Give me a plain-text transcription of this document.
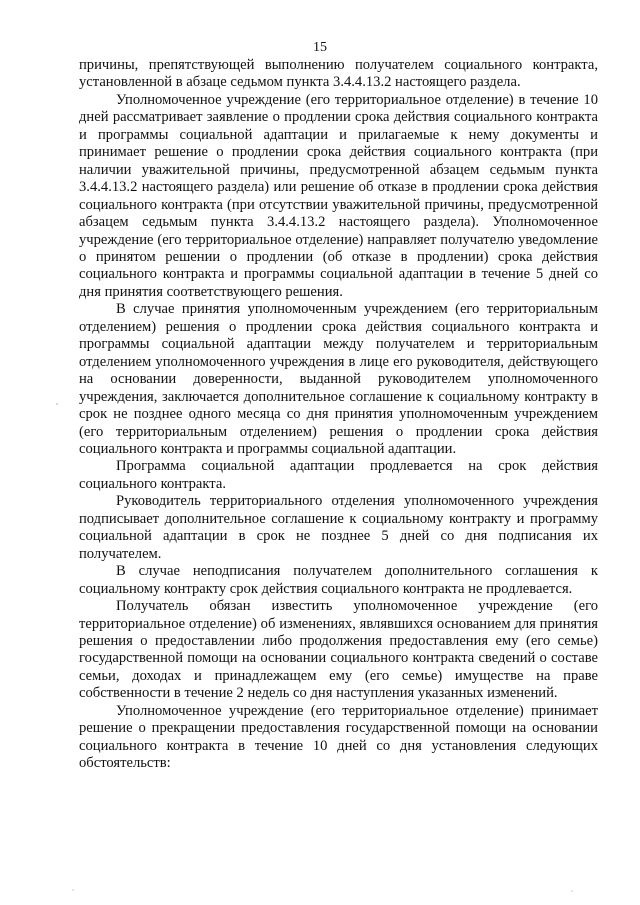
15

причины, препятствующей выполнению получателем социального контракта, установленной в абзаце седьмом пункта 3.4.4.13.2 настоящего раздела.

Уполномоченное учреждение (его территориальное отделение) в течение 10 дней рассматривает заявление о продлении срока действия социального контракта и программы социальной адаптации и прилагаемые к нему документы и принимает решение о продлении срока действия социального контракта (при наличии уважительной причины, предусмотренной абзацем седьмым пункта 3.4.4.13.2 настоящего раздела) или решение об отказе в продлении срока действия социального контракта (при отсутствии уважительной причины, предусмотренной абзацем седьмым пункта 3.4.4.13.2 настоящего раздела). Уполномоченное учреждение (его территориальное отделение) направляет получателю уведомление о принятом решении о продлении (об отказе в продлении) срока действия социального контракта и программы социальной адаптации в течение 5 дней со дня принятия соответствующего решения.

В случае принятия уполномоченным учреждением (его территориальным отделением) решения о продлении срока действия социального контракта и программы социальной адаптации между получателем и территориальным отделением уполномоченного учреждения в лице его руководителя, действующего на основании доверенности, выданной руководителем уполномоченного учреждения, заключается дополнительное соглашение к социальному контракту в срок не позднее одного месяца со дня принятия уполномоченным учреждением (его территориальным отделением) решения о продлении срока действия социального контракта и программы социальной адаптации.

Программа социальной адаптации продлевается на срок действия социального контракта.

Руководитель территориального отделения уполномоченного учреждения подписывает дополнительное соглашение к социальному контракту и программу социальной адаптации в срок не позднее 5 дней со дня подписания их получателем.

В случае неподписания получателем дополнительного соглашения к социальному контракту срок действия социального контракта не продлевается.

Получатель обязан известить уполномоченное учреждение (его территориальное отделение) об изменениях, являвшихся основанием для принятия решения о предоставлении либо продолжения предоставления ему (его семье) государственной помощи на основании социального контракта сведений о составе семьи, доходах и принадлежащем ему (его семье) имуществе на праве собственности в течение 2 недель со дня наступления указанных изменений.

Уполномоченное учреждение (его территориальное отделение) принимает решение о прекращении предоставления государственной помощи на основании социального контракта в течение 10 дней со дня установления следующих обстоятельств:
